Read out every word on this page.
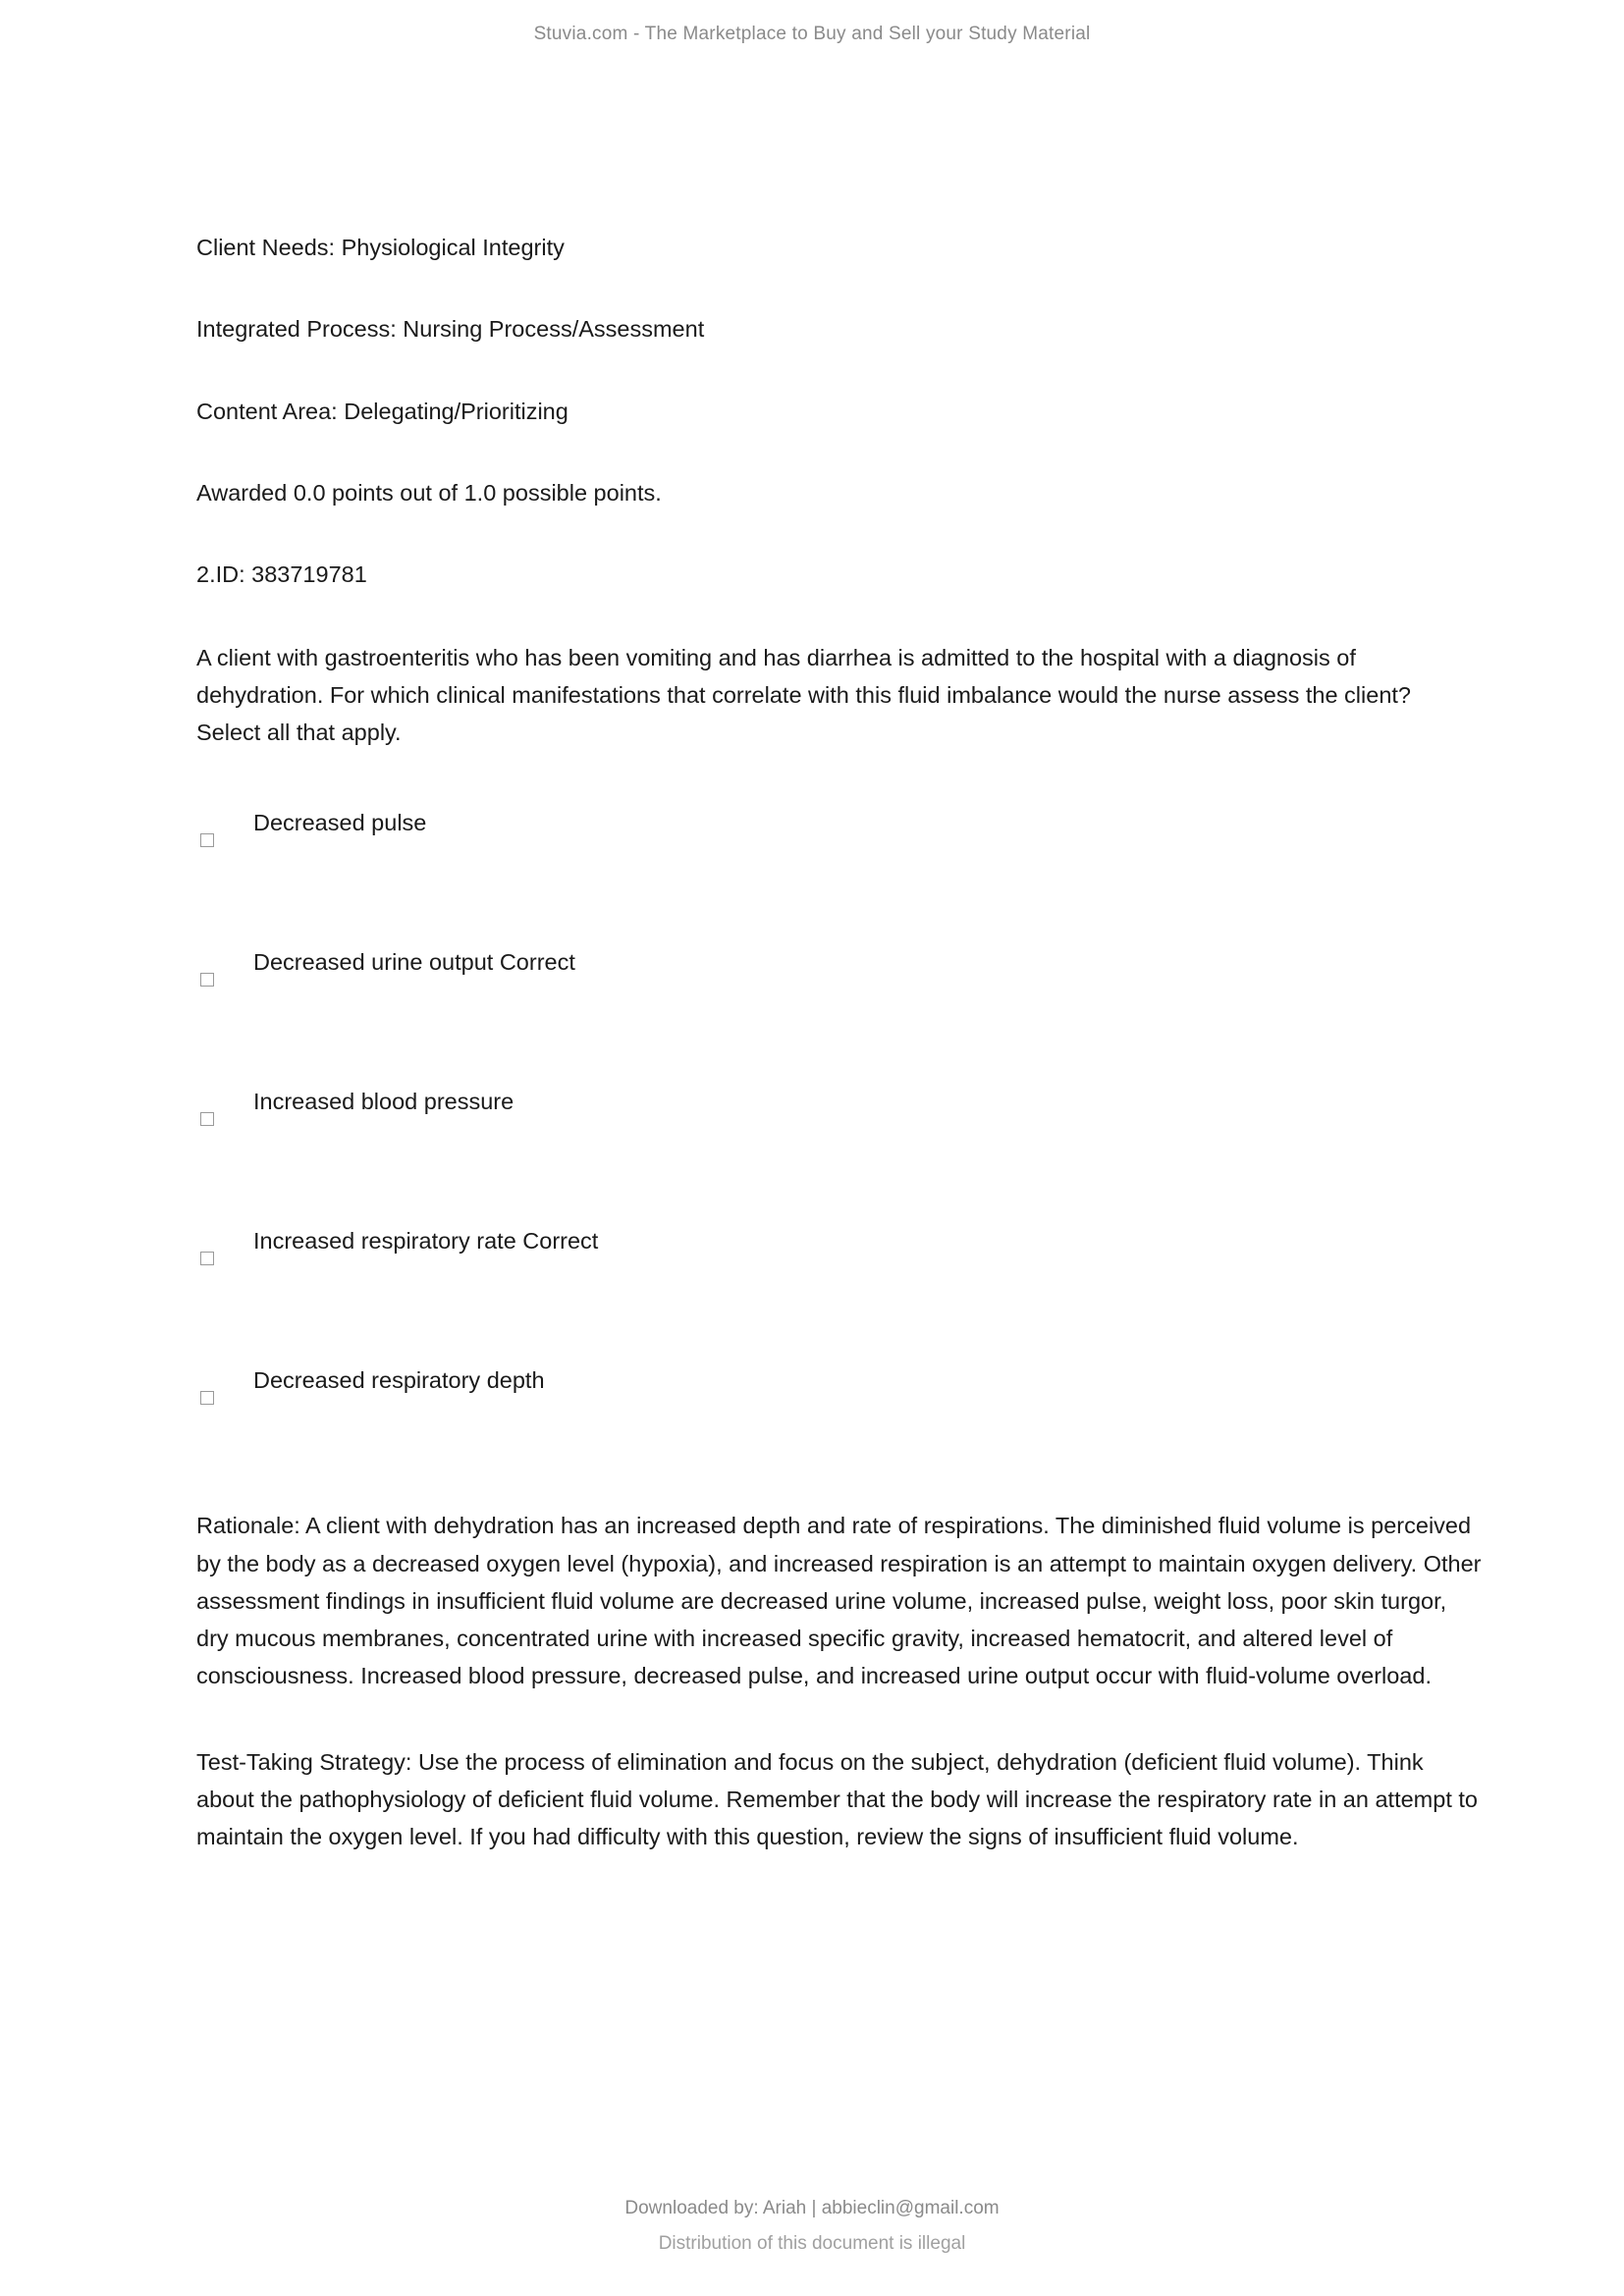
Stuvia.com - The Marketplace to Buy and Sell your Study Material
Client Needs: Physiological Integrity
Integrated Process: Nursing Process/Assessment
Content Area: Delegating/Prioritizing
Awarded 0.0 points out of 1.0 possible points.
2.ID: 383719781
A client with gastroenteritis who has been vomiting and has diarrhea is admitted to the hospital with a diagnosis of dehydration. For which clinical manifestations that correlate with this fluid imbalance would the nurse assess the client? Select all that apply.
Decreased pulse
Decreased urine output Correct
Increased blood pressure
Increased respiratory rate Correct
Decreased respiratory depth
Rationale: A client with dehydration has an increased depth and rate of respirations. The diminished fluid volume is perceived by the body as a decreased oxygen level (hypoxia), and increased respiration is an attempt to maintain oxygen delivery. Other assessment findings in insufficient fluid volume are decreased urine volume, increased pulse, weight loss, poor skin turgor, dry mucous membranes, concentrated urine with increased specific gravity, increased hematocrit, and altered level of consciousness. Increased blood pressure, decreased pulse, and increased urine output occur with fluid-volume overload.
Test-Taking Strategy: Use the process of elimination and focus on the subject, dehydration (deficient fluid volume). Think about the pathophysiology of deficient fluid volume. Remember that the body will increase the respiratory rate in an attempt to maintain the oxygen level. If you had difficulty with this question, review the signs of insufficient fluid volume.
Downloaded by: Ariah | abbieclin@gmail.com
Distribution of this document is illegal
